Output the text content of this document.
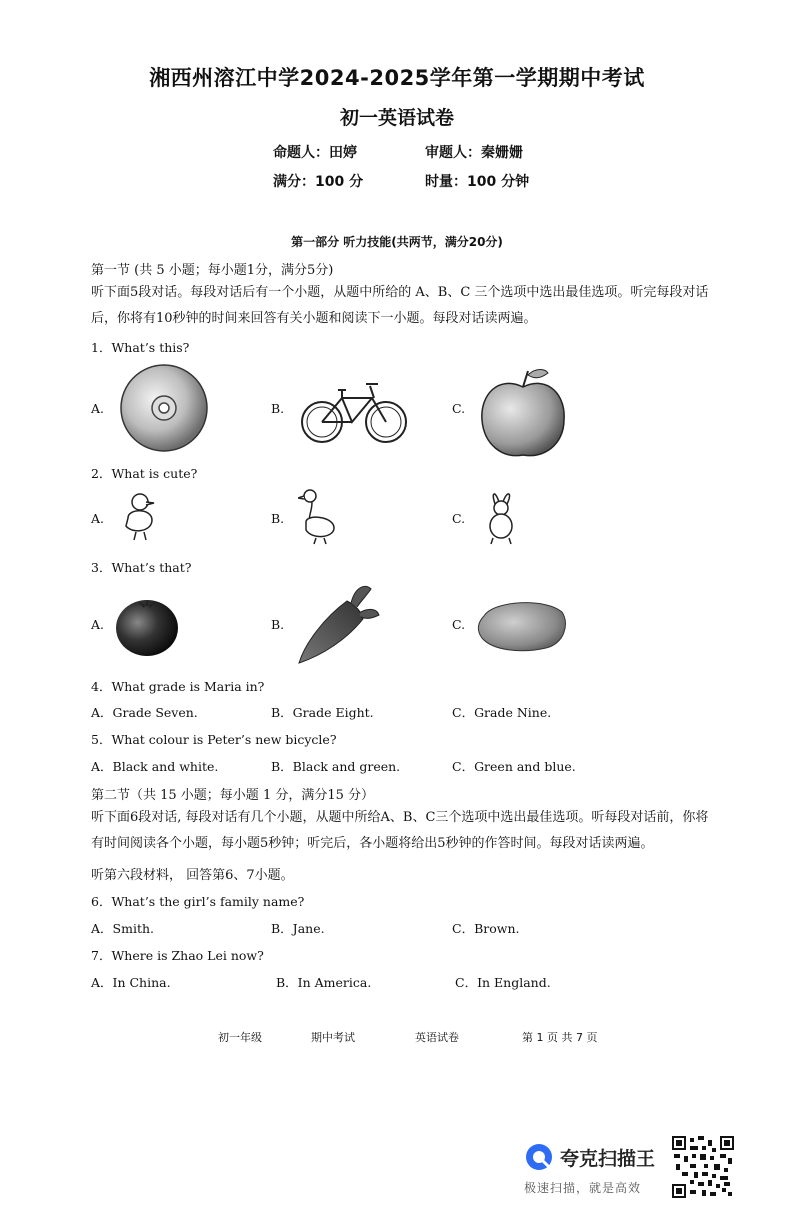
湘西州溶江中学2024-2025学年第一学期期中考试
初一英语试卷
命题人：田婷	审题人：秦姗姗
满分：100 分	时量：100 分钟
第一部分 听力技能(共两节，满分20分)
第一节 (共 5 小题；每小题1分，满分5分)
听下面5段对话。每段对话后有一个小题，从题中所给的 A、B、C 三个选项中选出最佳选项。听完每段对话后，你将有10秒钟的时间来回答有关小题和阅读下一小题。每段对话读两遍。
1．What’s this?
A.	B.	C.
2．What is cute?
A.	B.	C.
3．What’s that?
A.	B.	C.
4．What grade is Maria in?
A．Grade Seven.	B．Grade Eight.	C．Grade Nine.
5．What colour is Peter’s new bicycle?
A．Black and white.	B．Black and green.	C．Green and blue.
第二节（共 15 小题；每小题 1 分，满分15 分）
听下面6段对话, 每段对话有几个小题，从题中所给A、B、C三个选项中选出最佳选项。听每段对话前，你将有时间阅读各个小题，每小题5秒钟；听完后，各小题将给出5秒钟的作答时间。每段对话读两遍。
听第六段材料， 回答第6、7小题。
6．What’s the girl’s family name?
A．Smith.	B．Jane.	C．Brown.
7．Where is Zhao Lei now?
A．In China.	B．In America.	C．In England.
初一年级	期中考试	英语试卷	第 1 页 共 7 页
夸克扫描王
极速扫描，就是高效
